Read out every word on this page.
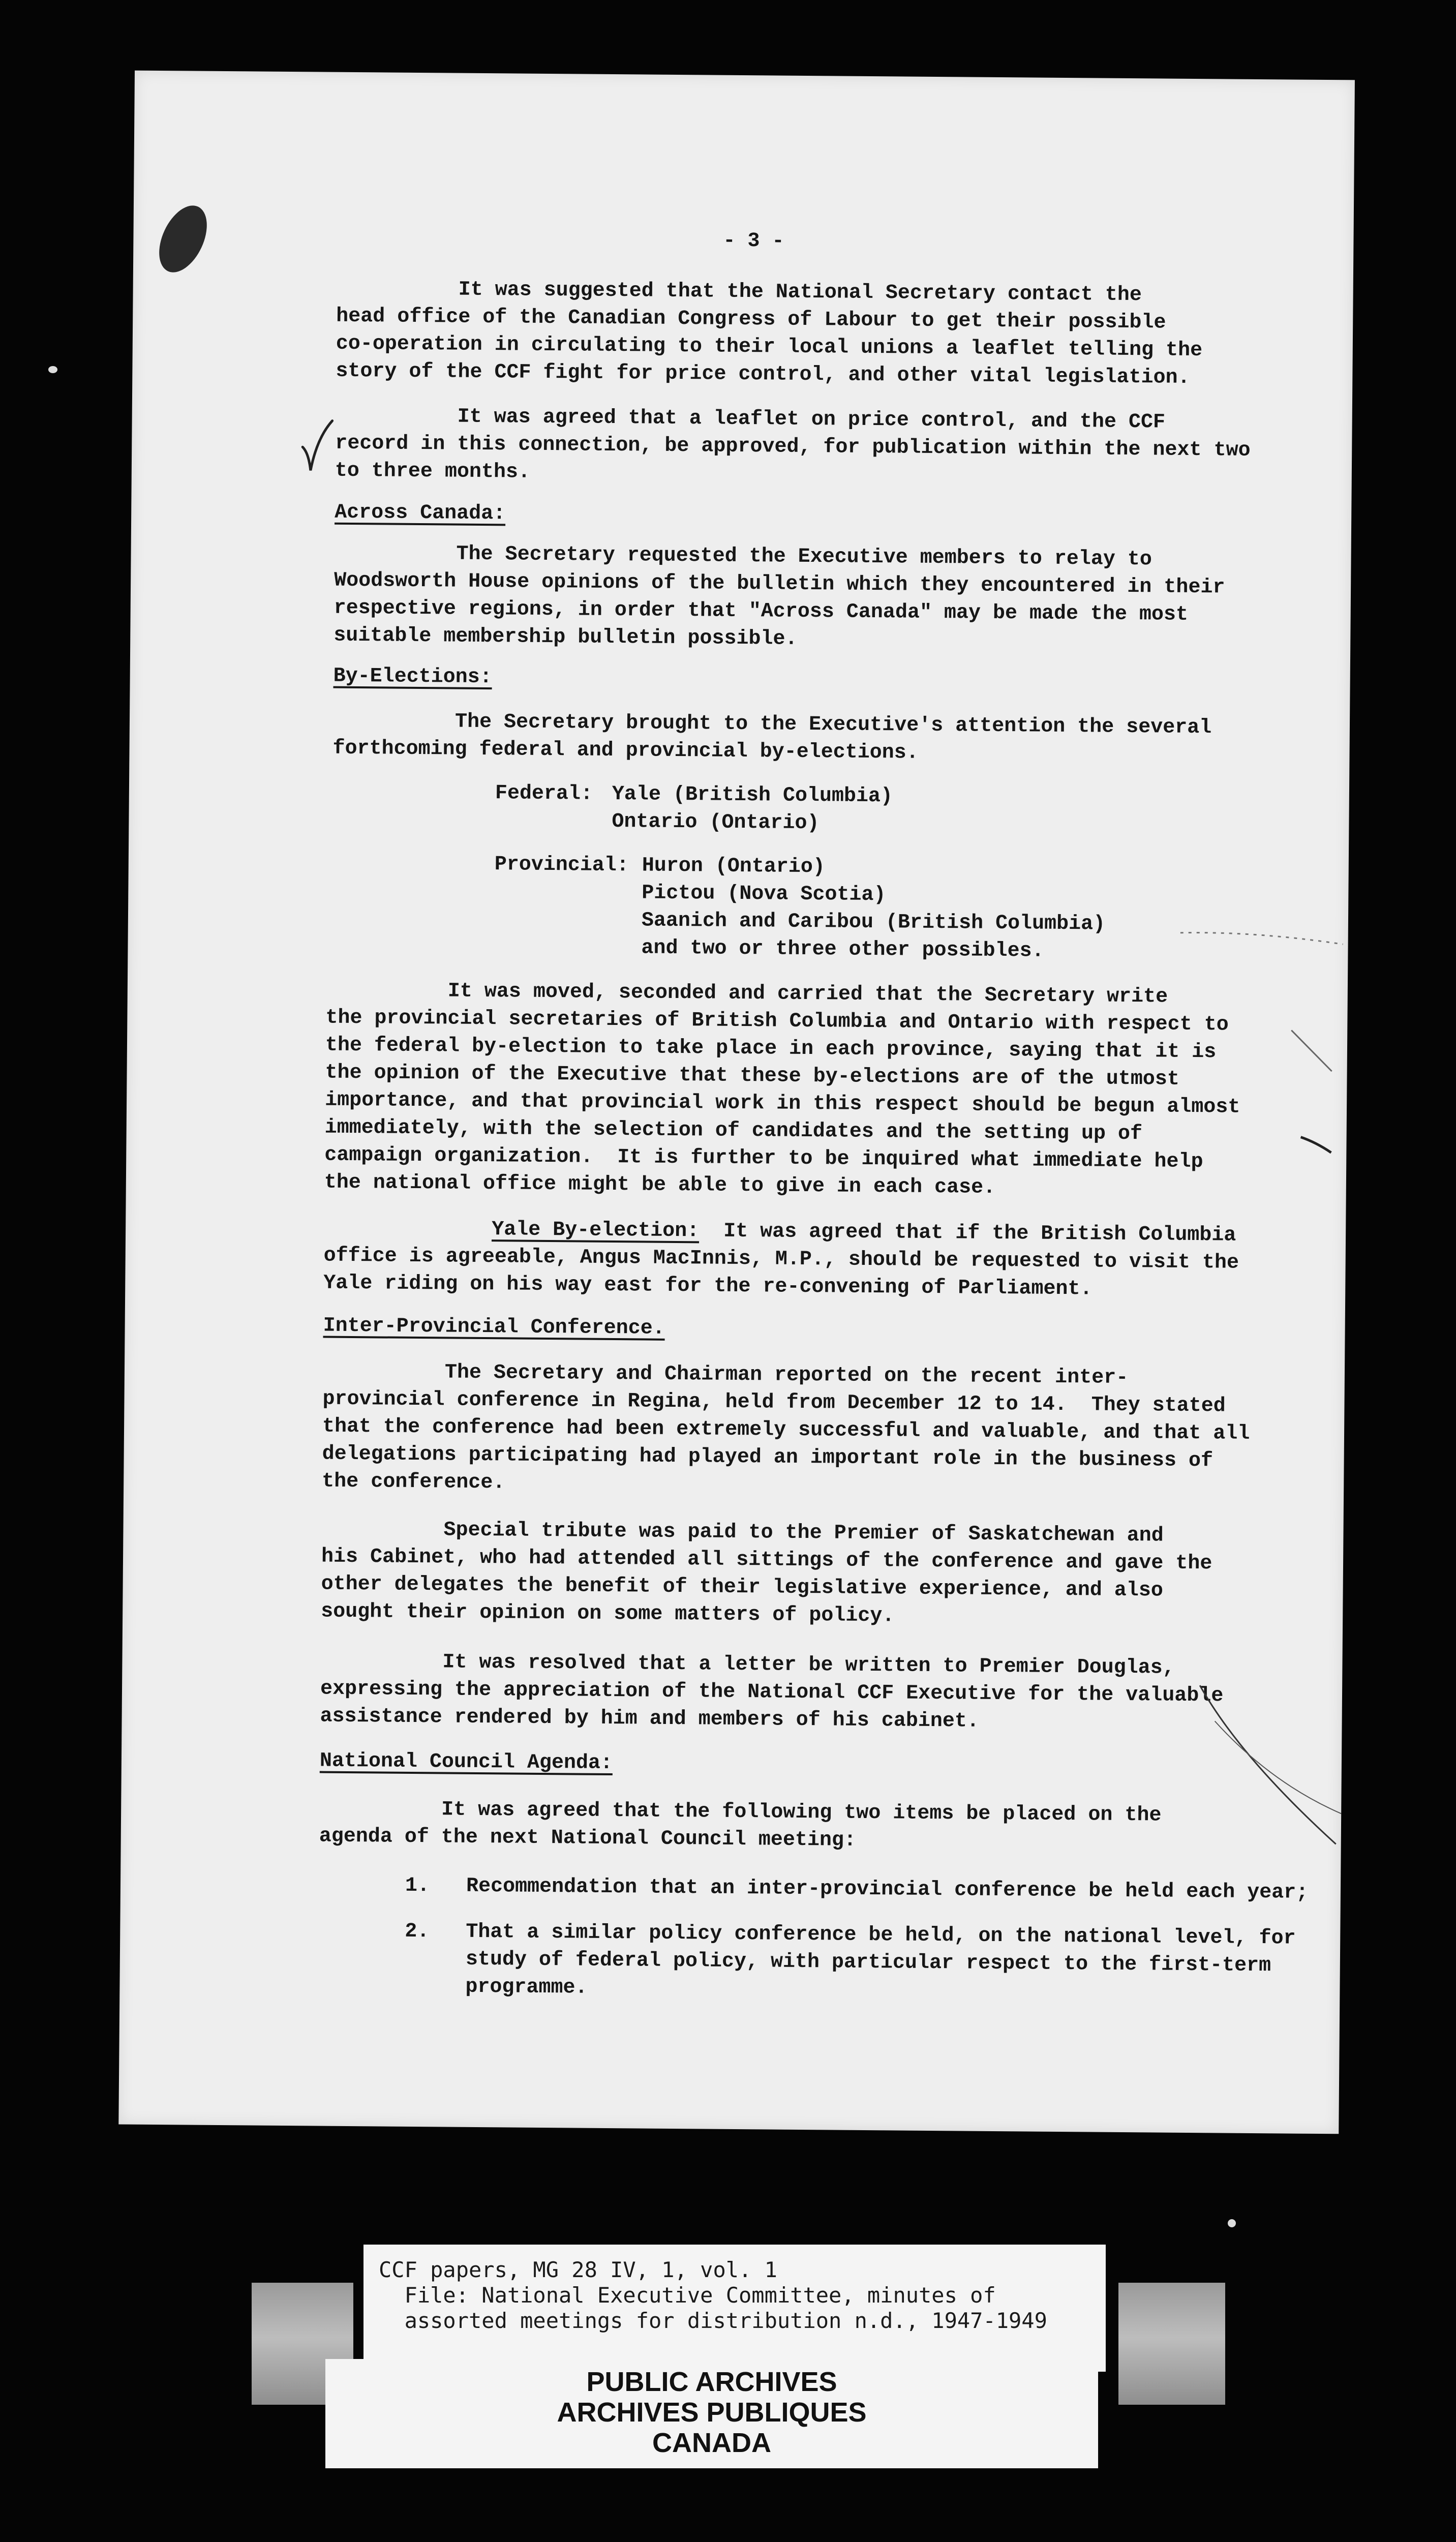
- 3 -
It was suggested that the National Secretary contact the
head office of the Canadian Congress of Labour to get their possible
co-operation in circulating to their local unions a leaflet telling the
story of the CCF fight for price control, and other vital legislation.
It was agreed that a leaflet on price control, and the CCF
record in this connection, be approved, for publication within the next two
to three months.
Across Canada:
The Secretary requested the Executive members to relay to
Woodsworth House opinions of the bulletin which they encountered in their
respective regions, in order that "Across Canada" may be made the most
suitable membership bulletin possible.
By-Elections:
The Secretary brought to the Executive's attention the several
forthcoming federal and provincial by-elections.
Federal: Yale (British Columbia)
Ontario (Ontario)
Provincial: Huron (Ontario)
Pictou (Nova Scotia)
Saanich and Caribou (British Columbia)
and two or three other possibles.
It was moved, seconded and carried that the Secretary write
the provincial secretaries of British Columbia and Ontario with respect to
the federal by-election to take place in each province, saying that it is
the opinion of the Executive that these by-elections are of the utmost
importance, and that provincial work in this respect should be begun almost
immediately, with the selection of candidates and the setting up of
campaign organization.  It is further to be inquired what immediate help
the national office might be able to give in each case.
Yale By-election:  It was agreed that if the British Columbia
office is agreeable, Angus MacInnis, M.P., should be requested to visit the
Yale riding on his way east for the re-convening of Parliament.
Inter-Provincial Conference.
The Secretary and Chairman reported on the recent inter-
provincial conference in Regina, held from December 12 to 14.  They stated
that the conference had been extremely successful and valuable, and that all
delegations participating had played an important role in the business of
the conference.
Special tribute was paid to the Premier of Saskatchewan and
his Cabinet, who had attended all sittings of the conference and gave the
other delegates the benefit of their legislative experience, and also
sought their opinion on some matters of policy.
It was resolved that a letter be written to Premier Douglas,
expressing the appreciation of the National CCF Executive for the valuable
assistance rendered by him and members of his cabinet.
National Council Agenda:
It was agreed that the following two items be placed on the
agenda of the next National Council meeting:
1.   Recommendation that an inter-provincial conference be held each year;
2.   That a similar policy conference be held, on the national level, for
study of federal policy, with particular respect to the first-term
programme.
CCF papers, MG 28 IV, 1, vol. 1
File: National Executive Committee, minutes of
assorted meetings for distribution n.d., 1947-1949
PUBLIC ARCHIVES
ARCHIVES PUBLIQUES
CANADA
